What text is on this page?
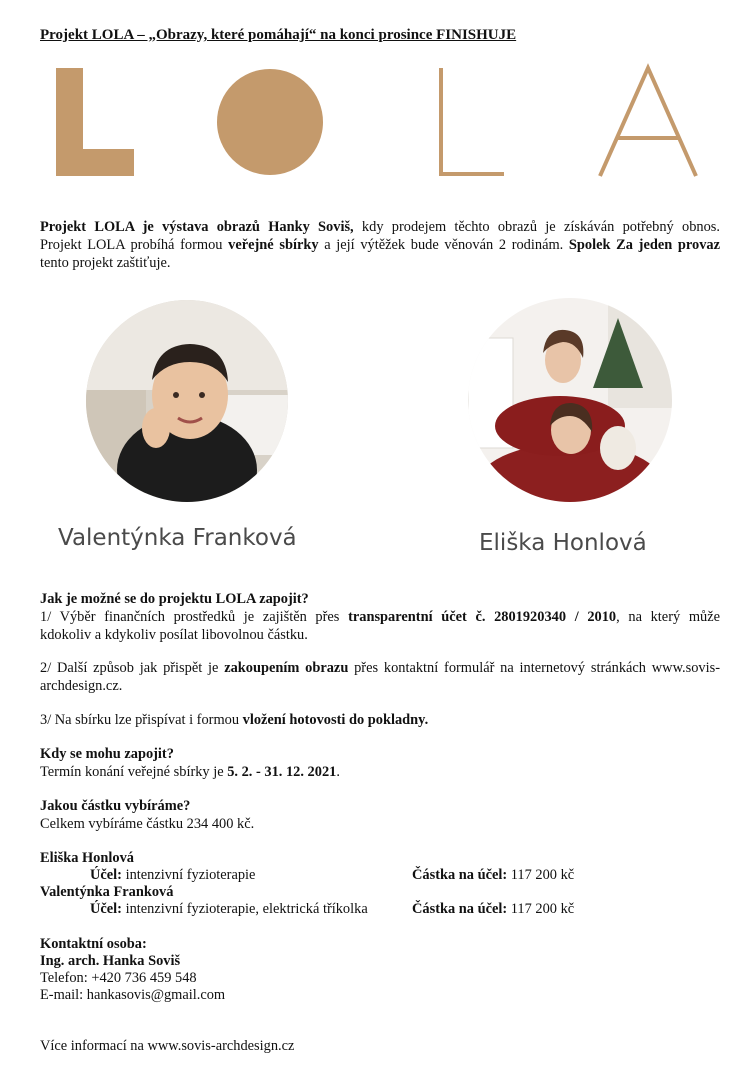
Projekt LOLA – „Obrazy, které pomáhají“ na konci prosince FINISHUJE
Projekt LOLA je výstava obrazů Hanky Soviš, kdy prodejem těchto obrazů je získáván potřebný obnos.
Projekt LOLA probíhá formou veřejné sbírky a její výtěžek bude věnován 2 rodinám. Spolek Za jeden provaz
tento projekt zaštiťuje.
Valentýnka Franková	Eliška Honlová
Jak je možné se do projektu LOLA zapojit?
1/ Výběr finančních prostředků je zajištěn přes transparentní účet č. 2801920340 / 2010, na který může
kdokoliv a kdykoliv posílat libovolnou částku.
2/ Další způsob jak přispět je zakoupením obrazu přes kontaktní formulář na internetový stránkách www.sovis-
archdesign.cz.
3/ Na sbírku lze přispívat i formou vložení hotovosti do pokladny.
Kdy se mohu zapojit?
Termín konání veřejné sbírky je 5. 2. - 31. 12. 2021.
Jakou částku vybíráme?
Celkem vybíráme částku 234 400 kč.
Eliška Honlová
Účel: intenzivní fyzioterapie	Částka na účel: 117 200 kč
Valentýnka Franková
Účel: intenzivní fyzioterapie, elektrická tříkolka	Částka na účel: 117 200 kč
Kontaktní osoba:
Ing. arch. Hanka Soviš
Telefon: +420 736 459 548
E-mail: hankasovis@gmail.com
Více informací na www.sovis-archdesign.cz
